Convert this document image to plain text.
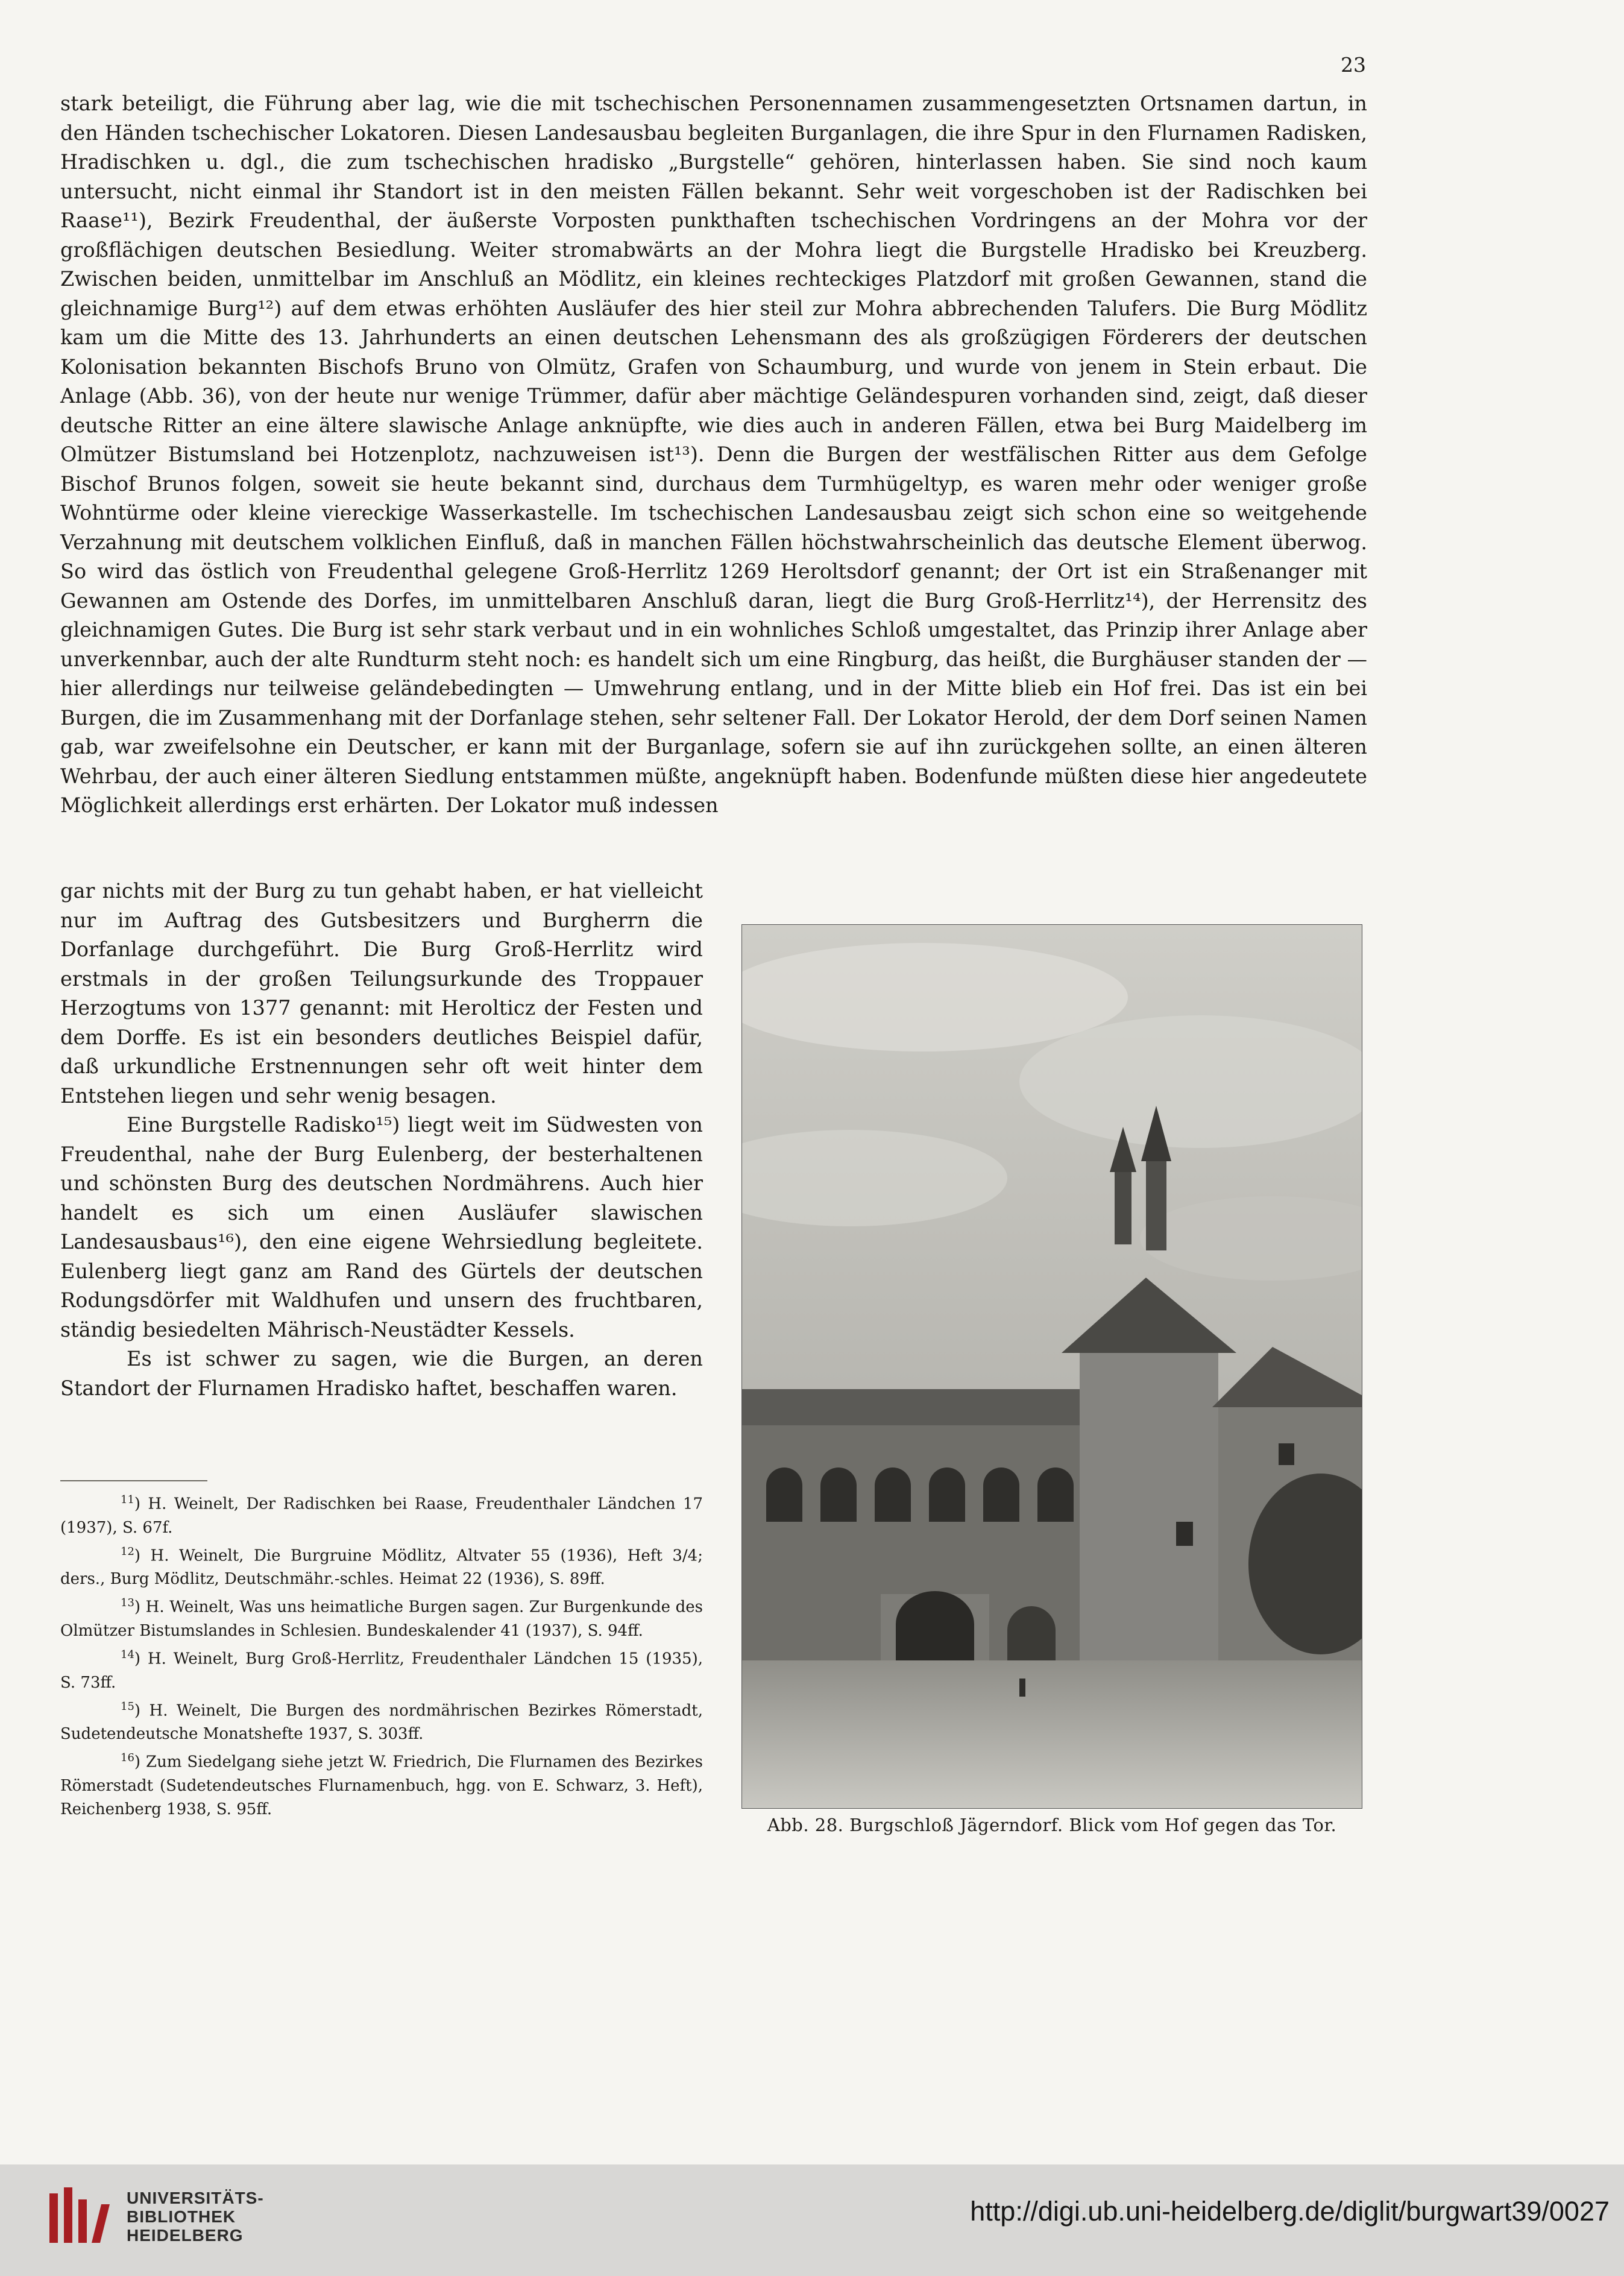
23

stark beteiligt, die Führung aber lag, wie die mit tschechischen Personennamen zusammengesetzten Ortsnamen dartun, in den Händen tschechischer Lokatoren. Diesen Landesausbau begleiten Burganlagen, die ihre Spur in den Flurnamen Radisken, Hradischken u. dgl., die zum tschechischen hradisko „Burgstelle“ gehören, hinterlassen haben. Sie sind noch kaum untersucht, nicht einmal ihr Standort ist in den meisten Fällen bekannt. Sehr weit vorgeschoben ist der Radischken bei Raase¹¹), Bezirk Freudenthal, der äußerste Vorposten punkthaften tschechischen Vordringens an der Mohra vor der großflächigen deutschen Besiedlung. Weiter stromabwärts an der Mohra liegt die Burgstelle Hradisko bei Kreuzberg. Zwischen beiden, unmittelbar im Anschluß an Mödlitz, ein kleines rechteckiges Platzdorf mit großen Gewannen, stand die gleichnamige Burg¹²) auf dem etwas erhöhten Ausläufer des hier steil zur Mohra abbrechenden Talufers. Die Burg Mödlitz kam um die Mitte des 13. Jahrhunderts an einen deutschen Lehensmann des als großzügigen Förderers der deutschen Kolonisation bekannten Bischofs Bruno von Olmütz, Grafen von Schaumburg, und wurde von jenem in Stein erbaut. Die Anlage (Abb. 36), von der heute nur wenige Trümmer, dafür aber mächtige Geländespuren vorhanden sind, zeigt, daß dieser deutsche Ritter an eine ältere slawische Anlage anknüpfte, wie dies auch in anderen Fällen, etwa bei Burg Maidelberg im Olmützer Bistumsland bei Hotzenplotz, nachzuweisen ist¹³). Denn die Burgen der westfälischen Ritter aus dem Gefolge Bischof Brunos folgen, soweit sie heute bekannt sind, durchaus dem Turmhügeltyp, es waren mehr oder weniger große Wohntürme oder kleine viereckige Wasserkastelle. Im tschechischen Landesausbau zeigt sich schon eine so weitgehende Verzahnung mit deutschem volklichen Einfluß, daß in manchen Fällen höchstwahrscheinlich das deutsche Element überwog. So wird das östlich von Freudenthal gelegene Groß-Herrlitz 1269 Heroltsdorf genannt; der Ort ist ein Straßenanger mit Gewannen am Ostende des Dorfes, im unmittelbaren Anschluß daran, liegt die Burg Groß-Herrlitz¹⁴), der Herrensitz des gleichnamigen Gutes. Die Burg ist sehr stark verbaut und in ein wohnliches Schloß umgestaltet, das Prinzip ihrer Anlage aber unverkennbar, auch der alte Rundturm steht noch: es handelt sich um eine Ringburg, das heißt, die Burghäuser standen der — hier allerdings nur teilweise geländebedingten — Umwehrung entlang, und in der Mitte blieb ein Hof frei. Das ist ein bei Burgen, die im Zusammenhang mit der Dorfanlage stehen, sehr seltener Fall. Der Lokator Herold, der dem Dorf seinen Namen gab, war zweifelsohne ein Deutscher, er kann mit der Burganlage, sofern sie auf ihn zurückgehen sollte, an einen älteren Wehrbau, der auch einer älteren Siedlung entstammen müßte, angeknüpft haben. Bodenfunde müßten diese hier angedeutete Möglichkeit allerdings erst erhärten. Der Lokator muß indessen

gar nichts mit der Burg zu tun gehabt haben, er hat vielleicht nur im Auftrag des Gutsbesitzers und Burgherrn die Dorfanlage durchgeführt. Die Burg Groß-Herrlitz wird erstmals in der großen Teilungsurkunde des Troppauer Herzogtums von 1377 genannt: mit Herolticz der Festen und dem Dorffe. Es ist ein besonders deutliches Beispiel dafür, daß urkundliche Erstnennungen sehr oft weit hinter dem Entstehen liegen und sehr wenig besagen.

Eine Burgstelle Radisko¹⁵) liegt weit im Südwesten von Freudenthal, nahe der Burg Eulenberg, der besterhaltenen und schönsten Burg des deutschen Nordmährens. Auch hier handelt es sich um einen Ausläufer slawischen Landesausbaus¹⁶), den eine eigene Wehrsiedlung begleitete. Eulenberg liegt ganz am Rand des Gürtels der deutschen Rodungsdörfer mit Waldhufen und unsern des fruchtbaren, ständig besiedelten Mährisch-Neustädter Kessels.

Es ist schwer zu sagen, wie die Burgen, an deren Standort der Flurnamen Hradisko haftet, beschaffen waren.

$^{11}$) H. Weinelt, Der Radischken bei Raase, Freudenthaler Ländchen 17 (1937), S. 67f.

$^{12}$) H. Weinelt, Die Burgruine Mödlitz, Altvater 55 (1936), Heft 3/4; ders., Burg Mödlitz, Deutschmähr.-schles. Heimat 22 (1936), S. 89ff.

$^{13}$) H. Weinelt, Was uns heimatliche Burgen sagen. Zur Burgenkunde des Olmützer Bistumslandes in Schlesien. Bundeskalender 41 (1937), S. 94ff.

$^{14}$) H. Weinelt, Burg Groß-Herrlitz, Freudenthaler Ländchen 15 (1935), S. 73ff.

$^{15}$) H. Weinelt, Die Burgen des nordmährischen Bezirkes Römerstadt, Sudetendeutsche Monatshefte 1937, S. 303ff.

$^{16}$) Zum Siedelgang siehe jetzt W. Friedrich, Die Flurnamen des Bezirkes Römerstadt (Sudetendeutsches Flurnamenbuch, hgg. von E. Schwarz, 3. Heft), Reichenberg 1938, S. 95ff.

Abb. 28. Burgschloß Jägerndorf. Blick vom Hof gegen das Tor.
UNIVERSITÄTS-
BIBLIOTHEK
HEIDELBERG
http://digi.ub.uni-heidelberg.de/diglit/burgwart39/0027
